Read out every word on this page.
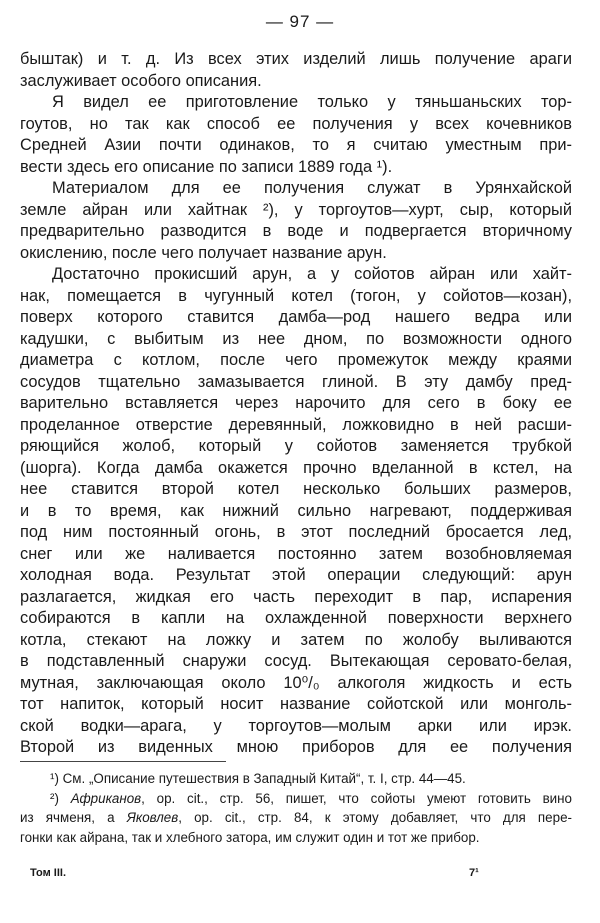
— 97 —

быштак) и т. д. Из всех этих изделий лишь получение араги
заслуживает особого описания.

Я видел ее приготовление только у тяньшаньских тор-
гоутов, но так как способ ее получения у всех кочевников
Средней Азии почти одинаков, то я считаю уместным при-
вести здесь его описание по записи 1889 года ¹).

Материалом для ее получения служат в Урянхайской
земле айран или хайтнак ²), у торгоутов—хурт, сыр, который
предварительно разводится в воде и подвергается вторичному
окислению, после чего получает название арун.

Достаточно прокисший арун, а у сойотов айран или хайт-
нак, помещается в чугунный котел (тогон, у сойотов—козан),
поверх которого ставится дамба—род нашего ведра или
кадушки, с выбитым из нее дном, по возможности одного
диаметра с котлом, после чего промежуток между краями
сосудов тщательно замазывается глиной. В эту дамбу пред-
варительно вставляется через нарочито для сего в боку ее
проделанное отверстие деревянный, ложковидно в ней расши-
ряющийся жолоб, который у сойотов заменяется трубкой
(шорга). Когда дамба окажется прочно вделанной в кстел, на
нее ставится второй котел несколько больших размеров,
и в то время, как нижний сильно нагревают, поддерживая
под ним постоянный огонь, в этот последний бросается лед,
снег или же наливается постоянно затем возобновляемая
холодная вода. Результат этой операции следующий: арун
разлагается, жидкая его часть переходит в пар, испарения
собираются в капли на охлажденной поверхности верхнего
котла, стекают на ложку и затем по жолобу выливаются
в подставленный снаружи сосуд. Вытекающая серовато-белая,
мутная, заключающая около 10⁰/₀ алкоголя жидкость и есть
тот напиток, который носит название сойотской или монголь-
ской водки—арага, у торгоутов—молым арки или ирэк.
Второй из виденных мною приборов для ее получения

¹) См. „Описание путешествия в Западный Китай“, т. I, стр. 44—45.
²) Африканов, op. cit., стр. 56, пишет, что сойоты умеют готовить вино
из ячменя, а Яковлев, op. cit., стр. 84, к этому добавляет, что для пере-
гонки как айрана, так и хлебного затора, им служит один и тот же прибор.
Том III.	7¹
